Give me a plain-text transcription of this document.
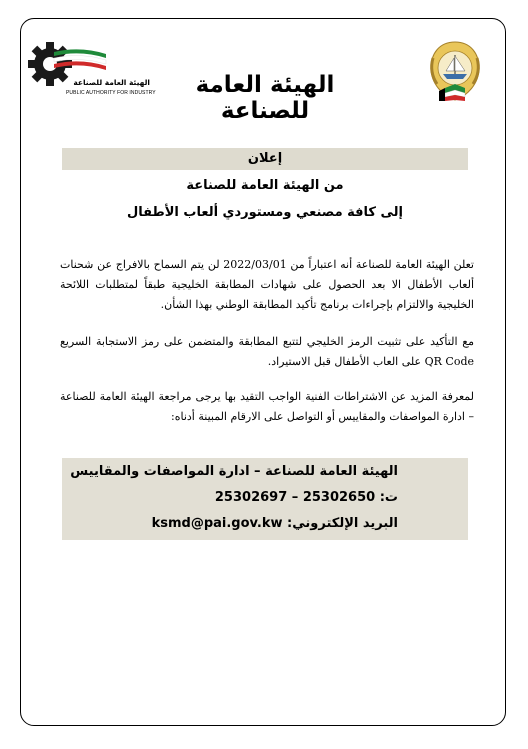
الهيئة العامة للصناعة
PUBLIC AUTHORITY FOR INDUSTRY	الهيئة العامة للصناعة
إعلان
من الهيئة العامة للصناعة
إلى كافة مصنعي ومستوردي ألعاب الأطفال
تعلن الهيئة العامة للصناعة أنه اعتباراً من 2022/03/01 لن يتم السماح بالافراج عن شحنات ألعاب الأطفال الا بعد الحصول على شهادات المطابقة الخليجية طبقاً لمتطلبات اللائحة الخليجية والالتزام بإجراءات برنامج تأكيد المطابقة الوطني بهذا الشأن.
مع التأكيد على تثبيت الرمز الخليجي لتتبع المطابقة والمتضمن على رمز الاستجابة السريع QR Code على العاب الأطفال قبل الاستيراد.
لمعرفة المزيد عن الاشتراطات الفنية الواجب التقيد بها يرجى مراجعة الهيئة العامة للصناعة – ادارة المواصفات والمقاييس أو التواصل على الارقام المبينة أدناه:
الهيئة العامة للصناعة – ادارة المواصفات والمقاييس
ت: 25302650 – 25302697
البريد الإلكتروني: ksmd@pai.gov.kw
